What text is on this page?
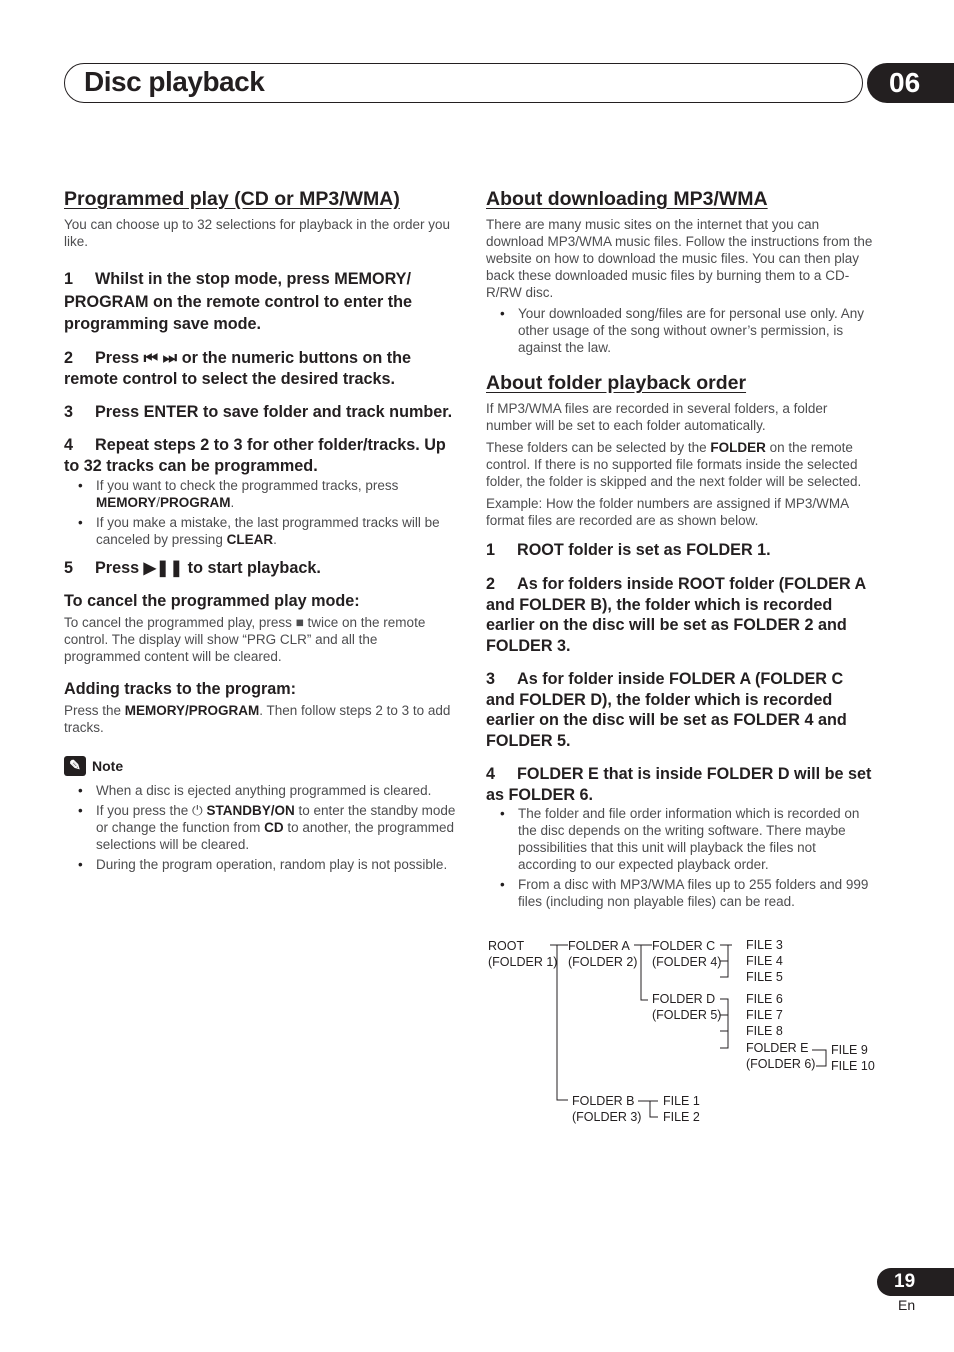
Disc playback	06
Programmed play (CD or MP3/WMA)

You can choose up to 32 selections for playback in the order you like.

1 Whilst in the stop mode, press MEMORY/ PROGRAM on the remote control to enter the programming save mode.

2 Press ⏮ ⏭ or the numeric buttons on the remote control to select the desired tracks.

3 Press ENTER to save folder and track number.

4 Repeat steps 2 to 3 for other folder/tracks. Up to 32 tracks can be programmed.

• If you want to check the programmed tracks, press MEMORY/PROGRAM.
• If you make a mistake, the last programmed tracks will be canceled by pressing CLEAR.

5 Press ▶❚❚ to start playback.

To cancel the programmed play mode:

To cancel the programmed play, press ■ twice on the remote control. The display will show “PRG CLR” and all the programmed content will be cleared.

Adding tracks to the program:

Press the MEMORY/PROGRAM. Then follow steps 2 to 3 to add tracks.

✎ Note
• When a disc is ejected anything programmed is cleared.
• If you press the ⏻ STANDBY/ON to enter the standby mode or change the function from CD to another, the programmed selections will be cleared.
• During the program operation, random play is not possible.
About downloading MP3/WMA

There are many music sites on the internet that you can download MP3/WMA music files. Follow the instructions from the website on how to download the music files. You can then play back these downloaded music files by burning them to a CD-R/RW disc.

• Your downloaded song/files are for personal use only. Any other usage of the song without owner’s permission, is against the law.
About folder playback order

If MP3/WMA files are recorded in several folders, a folder number will be set to each folder automatically.

These folders can be selected by the FOLDER on the remote control. If there is no supported file formats inside the selected folder, the folder is skipped and the next folder will be selected.

Example: How the folder numbers are assigned if MP3/WMA format files are recorded are as shown below.

1 ROOT folder is set as FOLDER 1.

2 As for folders inside ROOT folder (FOLDER A and FOLDER B), the folder which is recorded earlier on the disc will be set as FOLDER 2 and FOLDER 3.

3 As for folder inside FOLDER A (FOLDER C and FOLDER D), the folder which is recorded earlier on the disc will be set as FOLDER 4 and FOLDER 5.

4 FOLDER E that is inside FOLDER D will be set as FOLDER 6.

• The folder and file order information which is recorded on the disc depends on the writing software. There maybe possibilities that this unit will playback the files not according to our expected playback order.
• From a disc with MP3/WMA files up to 255 folders and 999 files (including non playable files) can be read.
ROOT
(FOLDER 1)
FOLDER A
(FOLDER 2)
FOLDER B
(FOLDER 3)
FOLDER C
(FOLDER 4)
FOLDER D
(FOLDER 5)
FOLDER E
(FOLDER 6)
FILE 3
FILE 4
FILE 5
FILE 6
FILE 7
FILE 8
FILE 9
FILE 10
FILE 1
FILE 2
19
En
